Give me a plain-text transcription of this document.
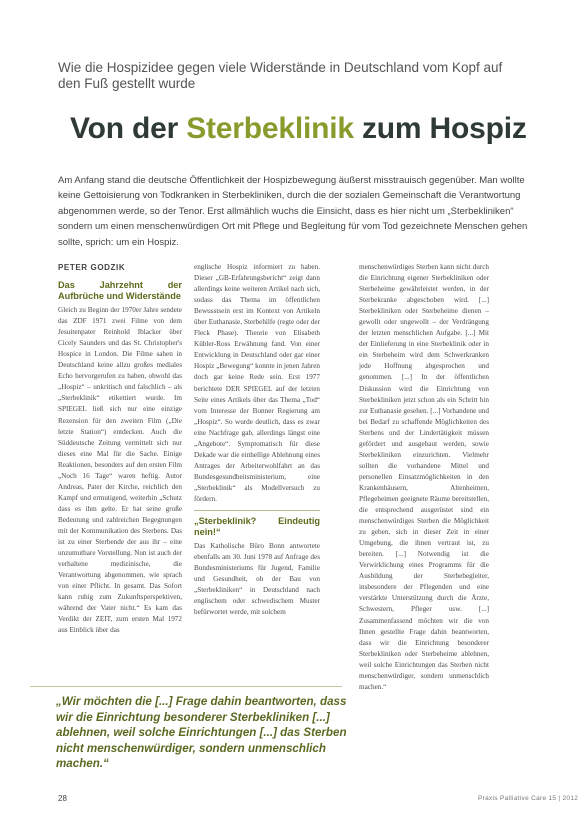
Wie die Hospizidee gegen viele Widerstände in Deutschland vom Kopf auf den Fuß gestellt wurde
Von der Sterbeklinik zum Hospiz
Am Anfang stand die deutsche Öffentlichkeit der Hospizbewegung äußerst misstrauisch gegenüber. Man wollte keine Gettoisierung von Todkranken in Sterbekliniken, durch die der sozialen Gemeinschaft die Verantwortung abgenommen werde, so der Tenor. Erst allmählich wuchs die Einsicht, dass es hier nicht um „Sterbekliniken“ sondern um einen menschenwürdigen Ort mit Pflege und Begleitung für vom Tod gezeichnete Menschen gehen sollte, sprich: um ein Hospiz.
PETER GODZIK
Das Jahrzehnt der Aufbrüche und Widerstände

Gleich zu Beginn der 1970er Jahre sendete das ZDF 1971 zwei Filme von dem Jesuitenpater Reinhold Iblacker über Cicely Saunders und das St. Christopher's Hospice in London. Die Filme sahen in Deutschland keine allzu großes mediales Echo hervorgerufen zu haben, obwohl das „Hospiz“ – unkritisch und falschlich – als „Sterbeklinik“ etikettiert wurde. Im SPIEGEL ließ sich nur eine einzige Rezension für den zweiten Film („Die letzte Station“) entdecken. Auch die Süddeutsche Zeitung vermittelt sich nur dieses eine Mal für die Sache. Einige Reaktionen, besonders auf den ersten Film „Noch 16 Tage“ waren heftig. Autor Andreas, Pater der Kirche, reichlich den Kampf und ermutigend, weiterhin „Schutz dass es ihm gelte. Er hat seine große Bedeutung und zahlreichen Begegnungen mit der Kommunikation des Sterbens. Das ist zu einer Sterbende der aus ihr – eine unzumutbare Vorstellung. Nun ist auch der verhaltene medizinische, die Verantwortung abgenommen, wie sprach von einer Pflicht. In gesamt. Das Sofort kann ruhig zum Zukunftsperspektiven, während der Vater nicht.“ Es kam das Verdikt der ZEIT, zum ersten Mal 1972 aus Einblick über das

englische Hospiz informiert zu haben. Dieser „GB-Erfahrungsbericht“ zeigt dann allerdings keine weiteren Artikel nach sich, sodass das Thema im öffentlichen Bewusstsein erst im Kontext von Artikeln über Euthanasie, Sterbehilfe (regte oder der Fleck Phase). Theorie von Elisabeth Kübler-Ross Erwähnung fand. Von einer Entwicklung in Deutschland oder gar einer Hospiz „Bewegung“ konnte in jenen Jahren doch gar keine Rede sein. Erst 1977 berichtete DER SPIEGEL auf der letzten Seite eines Artikels über das Thema „Tod“ vom Interesse der Bonner Regierung am „Hospiz“. So wurde deutlich, dass es zwar eine Nachfrage gab, allerdings längst eine „Angebote“. Symptomatisch für diese Dekade war die einhellige Ablehnung eines Antrages der Arbeiterwohlfahrt an das Bundesgesundheitsministerium, eine „Sterbeklinik“ als Modellversuch zu fördern.

„Sterbeklinik? Eindeutig nein!“

Das Katholische Büro Bonn antwortete ebenfalls am 30. Juni 1978 auf Anfrage des Bundesministeriums für Jugend, Familie und Gesundheit, ob der Bau von „Sterbekliniken“ in Deutschland nach englischem oder schwedischem Muster befürwortet werde, mit solchem

menschenwürdiges Sterben kann nicht durch die Einrichtung eigener Sterbekliniken oder Sterbeheime gewährleistet werden, in der Sterbekranke abgeschoben wird. [...] Sterbekliniken oder Sterbeheime dienen – gewollt oder ungewollt – der Verdrängung der letzten menschlichen Aufgabe. [...] Mit der Einlieferung in eine Sterbeklinik oder in ein Sterbeheim wird dem Schwerkranken jede Hoffnung abgesprochen und genommen. [...] In der öffentlichen Diskussion wird die Einrichtung von Sterbekliniken jetzt schon als ein Schritt hin zur Euthanasie gesehen. [...] Vorhandene und bei Bedarf zu schaffende Möglichkeiten des Sterbens und der Lindertätigkeit müssen gefördert und ausgebaut werden, sowie Sterbekliniken einzurichten. Vielmehr sollten die vorhandene Mittel und personellen Einsatzmöglichkeiten in den Krankenhäusern, Altenheimen, Pflegeheimen geeignete Räume bereitstellen, die entsprechend ausgerüstet sind ein menschenwürdiges Sterben die Möglichkeit zu geben, sich in dieser Zeit in einer Umgebung, die ihnen vertraut ist, zu bereiten. [...] Notwendig ist die Verwirklichung eines Programms für die Ausbildung der Sterbebegleiter, insbesondere der Pflegenden und eine verstärkte Unterstützung durch die Ärzte, Schwestern, Pfleger usw. [...] Zusammenfassend möchten wir die von Ihnen gestellte Frage dahin beantworten, dass wir die Einrichtung besonderer Sterbekliniken oder Sterbeheime ablehnen, weil solche Einrichtungen das Sterben nicht menschenwürdiger, sondern unmenschlich machen.“

„Wir möchten die [...] Frage dahin beantworten, dass wir die Einrichtung besonderer Sterbekliniken [...] ablehnen, weil solche Einrichtungen [...] das Sterben nicht menschenwürdiger, sondern unmenschlich machen.“
28	Praxis Palliative Care 15 | 2012
